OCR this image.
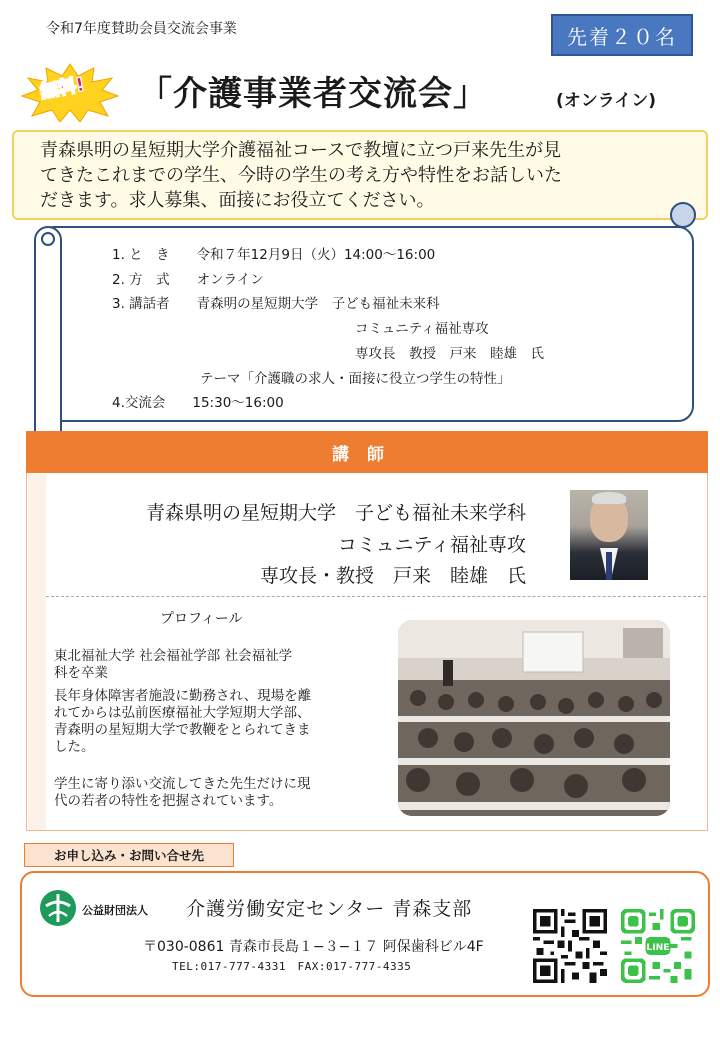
令和7年度賛助会員交流会事業	先着２０名
無料! 「介護事業者交流会」	(オンライン)
青森県明の星短期大学介護福祉コースで教壇に立つ戸来先生が見
てきたこれまでの学生、今時の学生の考え方や特性をお話しいた
だきます。求人募集、面接にお役立てください。
1. と　き　　令和７年12月9日（火）14:00〜16:00
2. 方　式　　オンライン
3. 講話者　　青森明の星短期大学　子ども福祉未来科
コミュニティ福祉専攻
専攻長　教授　戸来　睦雄　氏
テーマ「介護職の求人・面接に役立つ学生の特性」
4.交流会　　15:30〜16:00
講師
青森県明の星短期大学　子ども福祉未来学科
コミュニティ福祉専攻
専攻長・教授　戸来　睦雄　氏
プロフィール
東北福祉大学 社会福祉学部 社会福祉学
科を卒業
長年身体障害者施設に勤務され、現場を離
れてからは弘前医療福祉大学短期大学部、
青森明の星短期大学で教鞭をとられてきま
した。
学生に寄り添い交流してきた先生だけに現
代の若者の特性を把握されています。
お申し込み・お問い合せ先
公益財団法人 介護労働安定センター 青森支部
〒030-0861 青森市長島１−３−１７ 阿保歯科ビル4F
TEL:017-777-4331　FAX:017-777-4335
LINE
